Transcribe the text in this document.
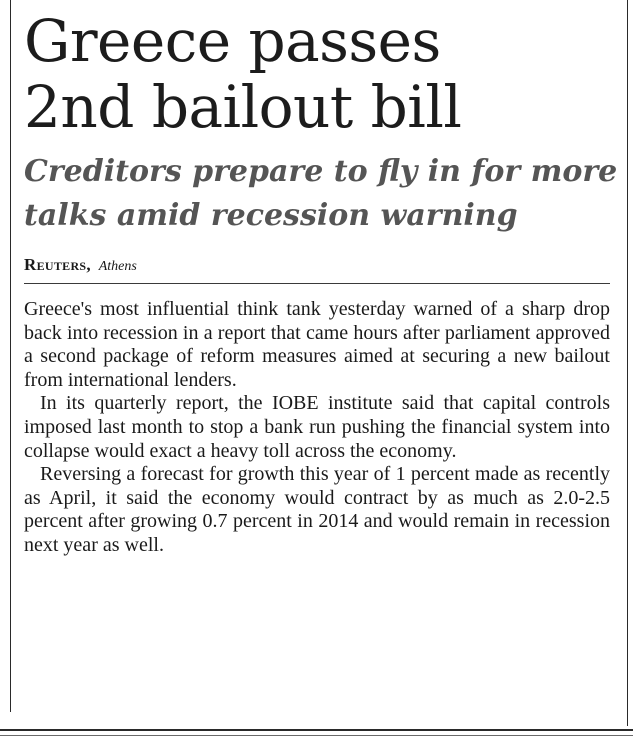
Greece passes
2nd bailout bill
Creditors prepare to fly in for more
talks amid recession warning
Reuters, Athens

Greece's most influential think tank yesterday warned of a sharp drop back into recession in a report that came hours after parliament approved a second package of reform measures aimed at securing a new bailout from international lenders.

In its quarterly report, the IOBE institute said that capital controls imposed last month to stop a bank run pushing the financial system into collapse would exact a heavy toll across the economy.

Reversing a forecast for growth this year of 1 percent made as recently as April, it said the economy would contract by as much as 2.0-2.5 percent after growing 0.7 percent in 2014 and would remain in recession next year as well.
